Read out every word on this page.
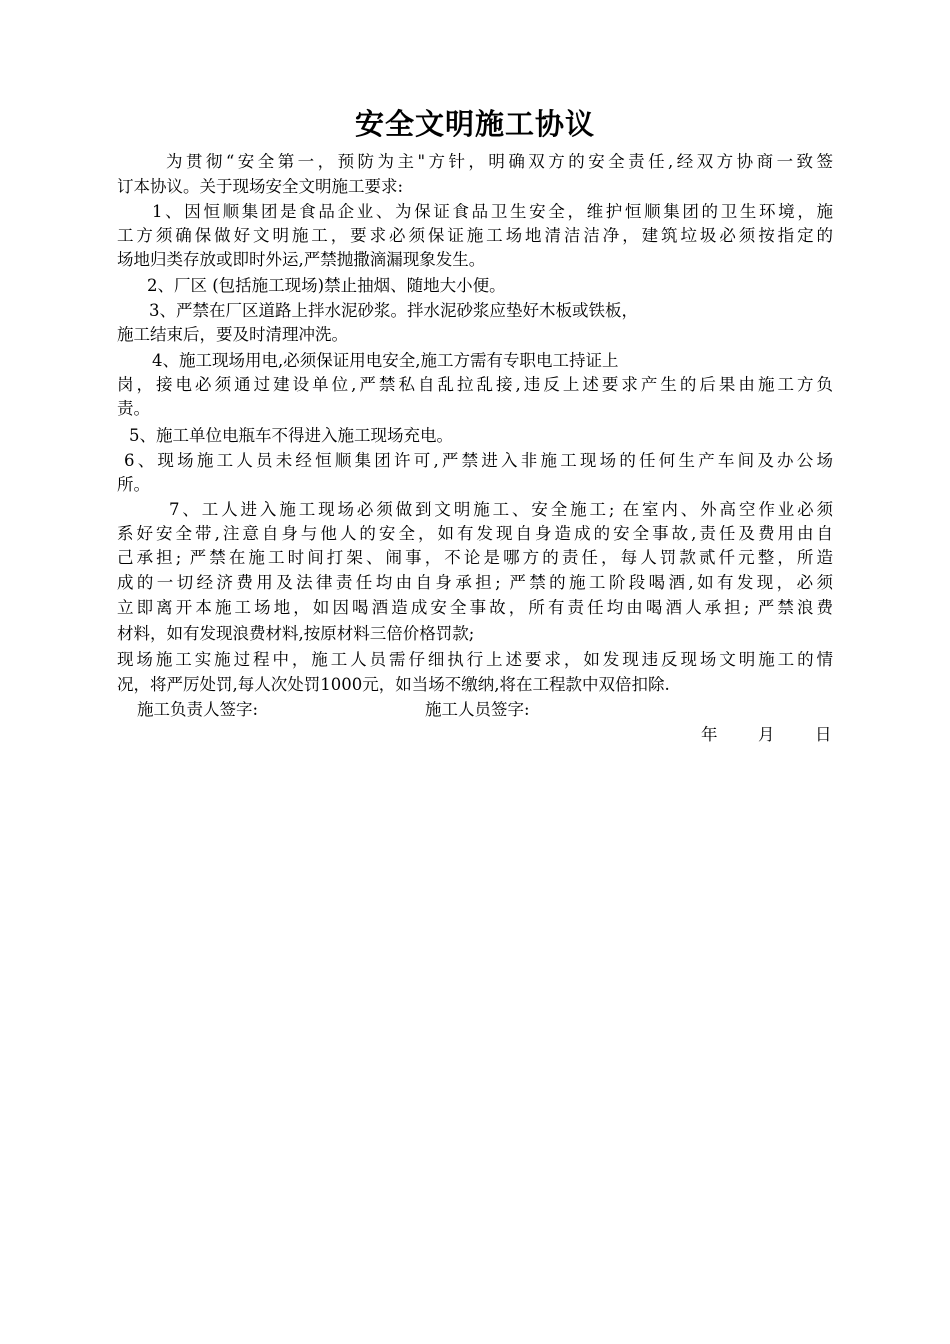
安全文明施工协议
为贯彻“安全第一，预防为主"方针，明确双方的安全责任,经双方协商一致签
订本协议。关于现场安全文明施工要求:
1、因恒顺集团是食品企业、为保证食品卫生安全，维护恒顺集团的卫生环境，施
工方须确保做好文明施工，要求必须保证施工场地清洁洁净，建筑垃圾必须按指定的
场地归类存放或即时外运,严禁抛撒滴漏现象发生。
2、厂区 (包括施工现场)禁止抽烟、随地大小便。
3、严禁在厂区道路上拌水泥砂浆。拌水泥砂浆应垫好木板或铁板，
施工结束后，要及时清理冲洗。
4、施工现场用电,必须保证用电安全,施工方需有专职电工持证上
岗，接电必须通过建设单位,严禁私自乱拉乱接,违反上述要求产生的后果由施工方负
责。
5、施工单位电瓶车不得进入施工现场充电。
6、现场施工人员未经恒顺集团许可,严禁进入非施工现场的任何生产车间及办公场
所。
7、工人进入施工现场必须做到文明施工、安全施工; 在室内、外高空作业必须
系好安全带,注意自身与他人的安全，如有发现自身造成的安全事故,责任及费用由自
己承担; 严禁在施工时间打架、闹事，不论是哪方的责任，每人罚款贰仟元整，所造
成的一切经济费用及法律责任均由自身承担; 严禁的施工阶段喝酒,如有发现，必须
立即离开本施工场地，如因喝酒造成安全事故，所有责任均由喝酒人承担; 严禁浪费
材料，如有发现浪费材料,按原材料三倍价格罚款;
现场施工实施过程中，施工人员需仔细执行上述要求，如发现违反现场文明施工的情
况，将严厉处罚,每人次处罚1000元，如当场不缴纳,将在工程款中双倍扣除.
施工负责人签字:	施工人员签字:
年 月 日
